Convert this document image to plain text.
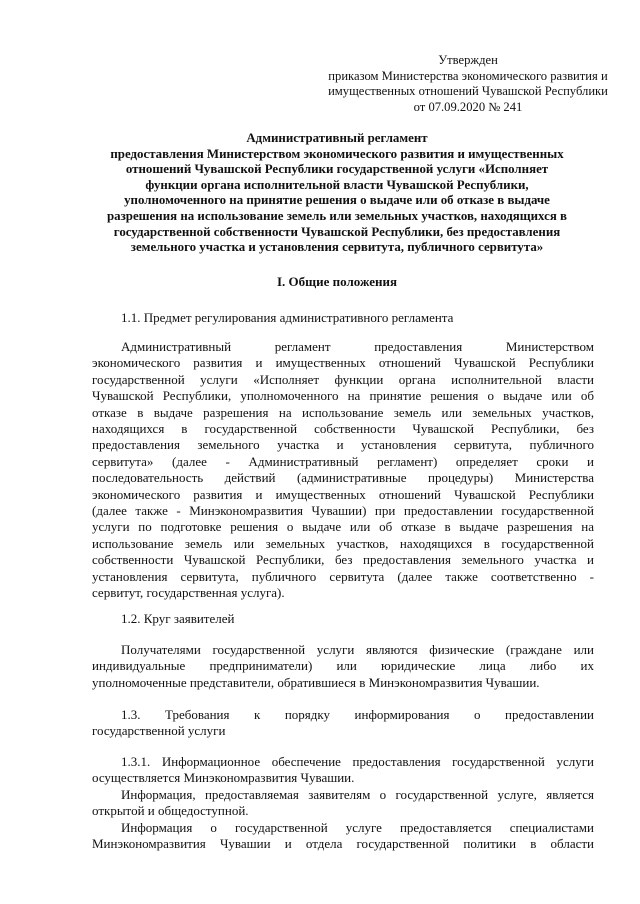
Утвержден
приказом Министерства экономического развития и
имущественных отношений Чувашской Республики
от 07.09.2020 № 241
Административный регламент
предоставления Министерством экономического развития и имущественных
отношений Чувашской Республики государственной услуги «Исполняет
функции органа исполнительной власти Чувашской Республики,
уполномоченного на принятие решения о выдаче или об отказе в выдаче
разрешения на использование земель или земельных участков, находящихся в
государственной собственности Чувашской Республики, без предоставления
земельного участка и установления сервитута, публичного сервитута»
I. Общие положения
1.1. Предмет регулирования административного регламента
Административный регламент предоставления Министерством
экономического развития и имущественных отношений Чувашской Республики
государственной услуги «Исполняет функции органа исполнительной власти
Чувашской Республики, уполномоченного на принятие решения о выдаче или об
отказе в выдаче разрешения на использование земель или земельных участков,
находящихся в государственной собственности Чувашской Республики, без
предоставления земельного участка и установления сервитута, публичного
сервитута» (далее - Административный регламент) определяет сроки и
последовательность действий (административные процедуры) Министерства
экономического развития и имущественных отношений Чувашской Республики
(далее также - Минэкономразвития Чувашии) при предоставлении государственной
услуги по подготовке решения о выдаче или об отказе в выдаче разрешения на
использование земель или земельных участков, находящихся в государственной
собственности Чувашской Республики, без предоставления земельного участка и
установления сервитута, публичного сервитута (далее также соответственно -
сервитут, государственная услуга).
1.2. Круг заявителей
Получателями государственной услуги являются физические (граждане или
индивидуальные предприниматели) или юридические лица либо их
уполномоченные представители, обратившиеся в Минэкономразвития Чувашии.
1.3. Требования к порядку информирования о предоставлении
государственной услуги
1.3.1. Информационное обеспечение предоставления государственной услуги
осуществляется Минэкономразвития Чувашии.
Информация, предоставляемая заявителям о государственной услуге, является
открытой и общедоступной.
Информация о государственной услуге предоставляется специалистами
Минэкономразвития Чувашии и отдела государственной политики в области
